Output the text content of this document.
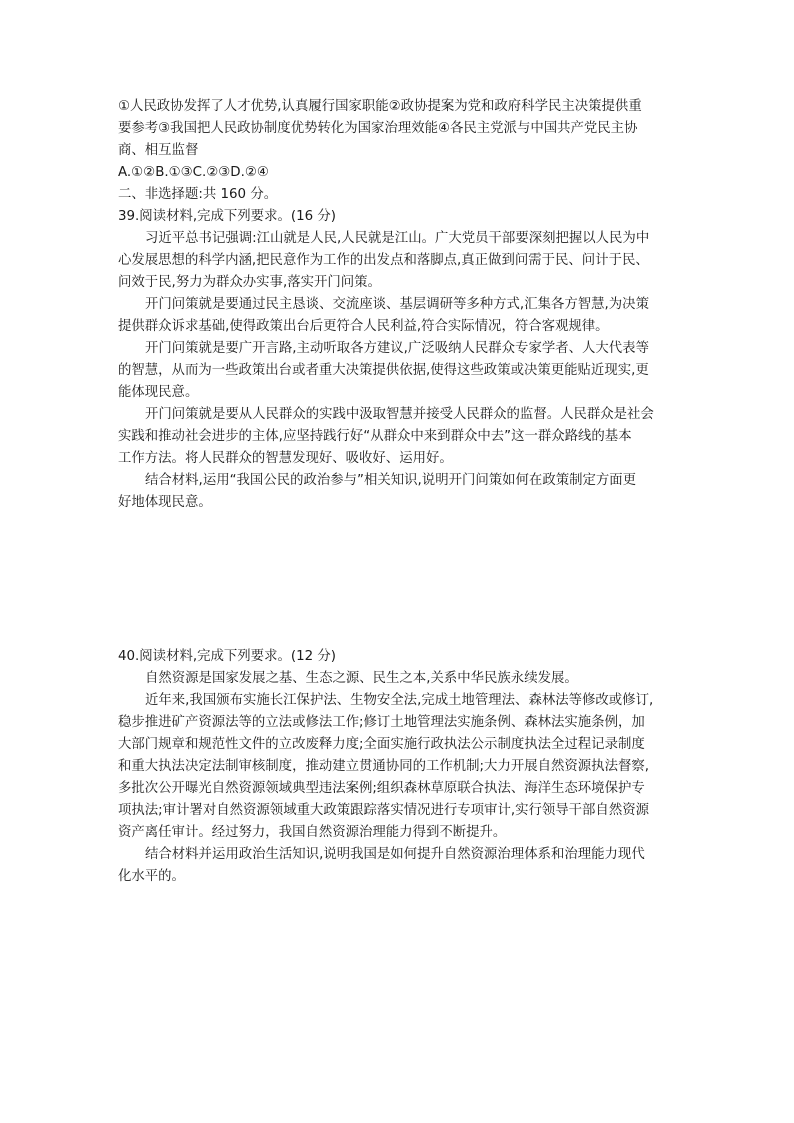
①人民政协发挥了人才优势,认真履行国家职能②政协提案为党和政府科学民主决策提供重
要参考③我国把人民政协制度优势转化为国家治理效能④各民主党派与中国共产党民主协
商、相互监督

A.①②B.①③C.②③D.②④

二、非选择题:共 160 分。

39.阅读材料,完成下列要求。(16 分)

习近平总书记强调:江山就是人民,人民就是江山。广大党员干部要深刻把握以人民为中
心发展思想的科学内涵,把民意作为工作的出发点和落脚点,真正做到问需于民、问计于民、
问效于民,努力为群众办实事,落实开门问策。
开门问策就是要通过民主恳谈、交流座谈、基层调研等多种方式,汇集各方智慧,为决策
提供群众诉求基础,使得政策出台后更符合人民利益,符合实际情况，符合客观规律。
开门问策就是要广开言路,主动听取各方建议,广泛吸纳人民群众专家学者、人大代表等
的智慧，从而为一些政策出台或者重大决策提供依据,使得这些政策或决策更能贴近现实,更
能体现民意。
开门问策就是要从人民群众的实践中汲取智慧并接受人民群众的监督。人民群众是社会
实践和推动社会进步的主体,应坚持践行好“从群众中来到群众中去”这一群众路线的基本
工作方法。将人民群众的智慧发现好、吸收好、运用好。
结合材料,运用“我国公民的政治参与”相关知识,说明开门问策如何在政策制定方面更
好地体现民意。

40.阅读材料,完成下列要求。(12 分)

自然资源是国家发展之基、生态之源、民生之本,关系中华民族永续发展。
近年来,我国颁布实施长江保护法、生物安全法,完成土地管理法、森林法等修改或修订,
稳步推进矿产资源法等的立法或修法工作;修订土地管理法实施条例、森林法实施条例，加
大部门规章和规范性文件的立改废释力度;全面实施行政执法公示制度执法全过程记录制度
和重大执法决定法制审核制度，推动建立贯通协同的工作机制;大力开展自然资源执法督察,
多批次公开曝光自然资源领域典型违法案例;组织森林草原联合执法、海洋生态环境保护专
项执法;审计署对自然资源领域重大政策跟踪落实情况进行专项审计,实行领导干部自然资源
资产离任审计。经过努力，我国自然资源治理能力得到不断提升。
结合材料并运用政治生活知识,说明我国是如何提升自然资源治理体系和治理能力现代
化水平的。
